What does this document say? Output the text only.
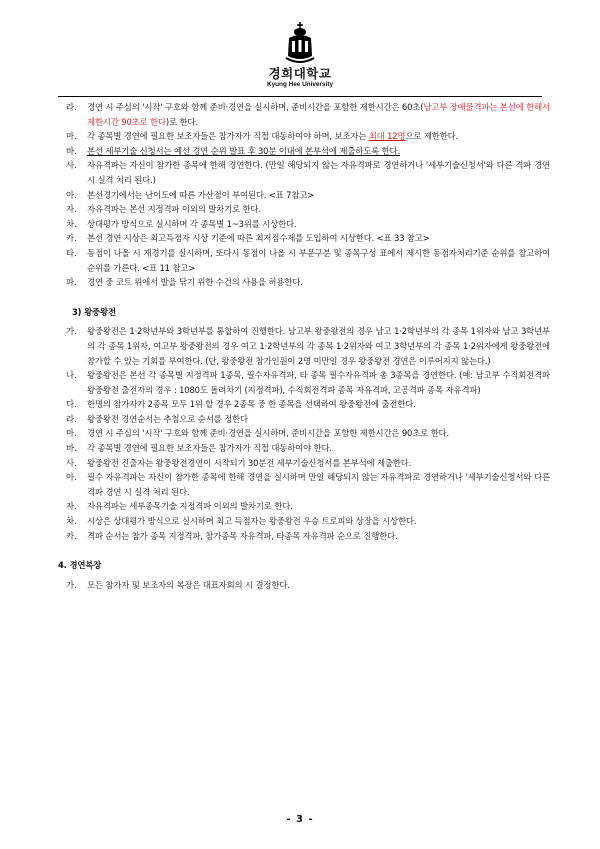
경희대학교
Kyung Hee University
라.	경연 시 주심의 '시작' 구호와 함께 준비·경연을 실시하며, 준비시간을 포함한 제한시간은 60초(남고부 장애물격파는 본선에 한해서 제한시간 90초로 한다)로 한다.
마.	각 종목별 경연에 필요한 보조자들은 참가자가 직접 대동하여야 하며, 보조자는 최대 12명으로 제한한다.
바.	본선 세부기술 신청서는 예선 경연 순위 발표 후 30분 이내에 본부석에 제출하도록 한다.
사.	자유격파는 자신이 참가한 종목에 한해 경연한다. (만일 해당되지 않는 자유격파로 경연하거나 '세부기술신청서'와 다른 격파 경연 시 실격 처리 된다.)
아.	본선경기에서는 난이도에 따른 가산점이 부여된다. <표 7참고>
자.	자유격파는 본선 지정격파 이외의 발차기로 한다.
차.	상대평가 방식으로 실시하며 각 종목별 1~3위를 시상한다.
카.	본선 경연 시상은 최고득점자 시상 기준에 따른 최저점수제를 도입하여 시상한다. <표 33 참고>
타.	동점이 나올 시 재경기를 실시하며, 또다시 동점이 나올 시 부문구분 및 종목구성 표에서 제시한 동점자처리기준 순위를 참고하여 순위를 가른다. <표 11 참고>
파.	경연 중 코트 위에서 발을 닦기 위한 수건의 사용을 허용한다.
3) 왕중왕전
가.	왕중왕전은 1·2학년부와 3학년부를 통합하여 진행한다. 남고부 왕중왕전의 경우 남고 1·2학년부의 각 종목 1위자와 남고 3학년부의 각 종목 1위자, 여고부 왕중왕전의 경우 여고 1·2학년부의 각 종목 1·2위자와 여고 3학년부의 각 종목 1·2위자에게 왕중왕전에 참가할 수 있는 기회를 부여한다. (단, 왕중왕전 참가인원이 2명 미만일 경우 왕중왕전 경연은 이루어지지 않는다.)
나.	왕중왕전은 본선 각 종목별 지정격파 1종목, 필수자유격파, 타 종목 필수자유격파 총 3종목을 경연한다. (예: 남고부 수직회전격파 왕중왕전 출전자의 경우 : 1080도 돌려차기 (지정격파), 수직회전격파 종목 자유격파, 고공격파 종목 자유격파)
다.	한명의 참가자가 2종목 모두 1위 할 경우 2종목 중 한 종목을 선택하여 왕중왕전에 출전한다.
라.	왕중왕전 경연순서는 추첨으로 순서를 정한다
마.	경연 시 주심의 '시작' 구호와 함께 준비·경연을 실시하며, 준비시간을 포함한 제한시간은 90초로 한다.
바.	각 종목별 경연에 필요한 보조자들은 참가자가 직접 대동하여야 한다.
사.	왕중왕전 진출자는 왕중왕전경연이 시작되기 30분전 세부기술신청서를 본부석에 제출한다.
아.	필수 자유격파는 자신이 참가한 종목에 한해 경연을 실시하며 만일 해당되지 않는 자유격파로 경연하거나 '세부기술신청서와 다른 격파 경연 시 실격 처리 된다.
자.	자유격파는 세부종목기술 지정격파 이외의 발차기로 한다.
차.	시상은 상대평가 방식으로 실시하며 최고 득점자는 왕중왕전 우승 트로피와 상장을 시상한다.
카.	격파 순서는 참가 종목 지정격파, 참가종목 자유격파, 타종목 자유격파 순으로 진행한다.
4. 경연복장
가.	모든 참가자 및 보조자의 복장은 대표자회의 시 결정한다.
- 3 -
